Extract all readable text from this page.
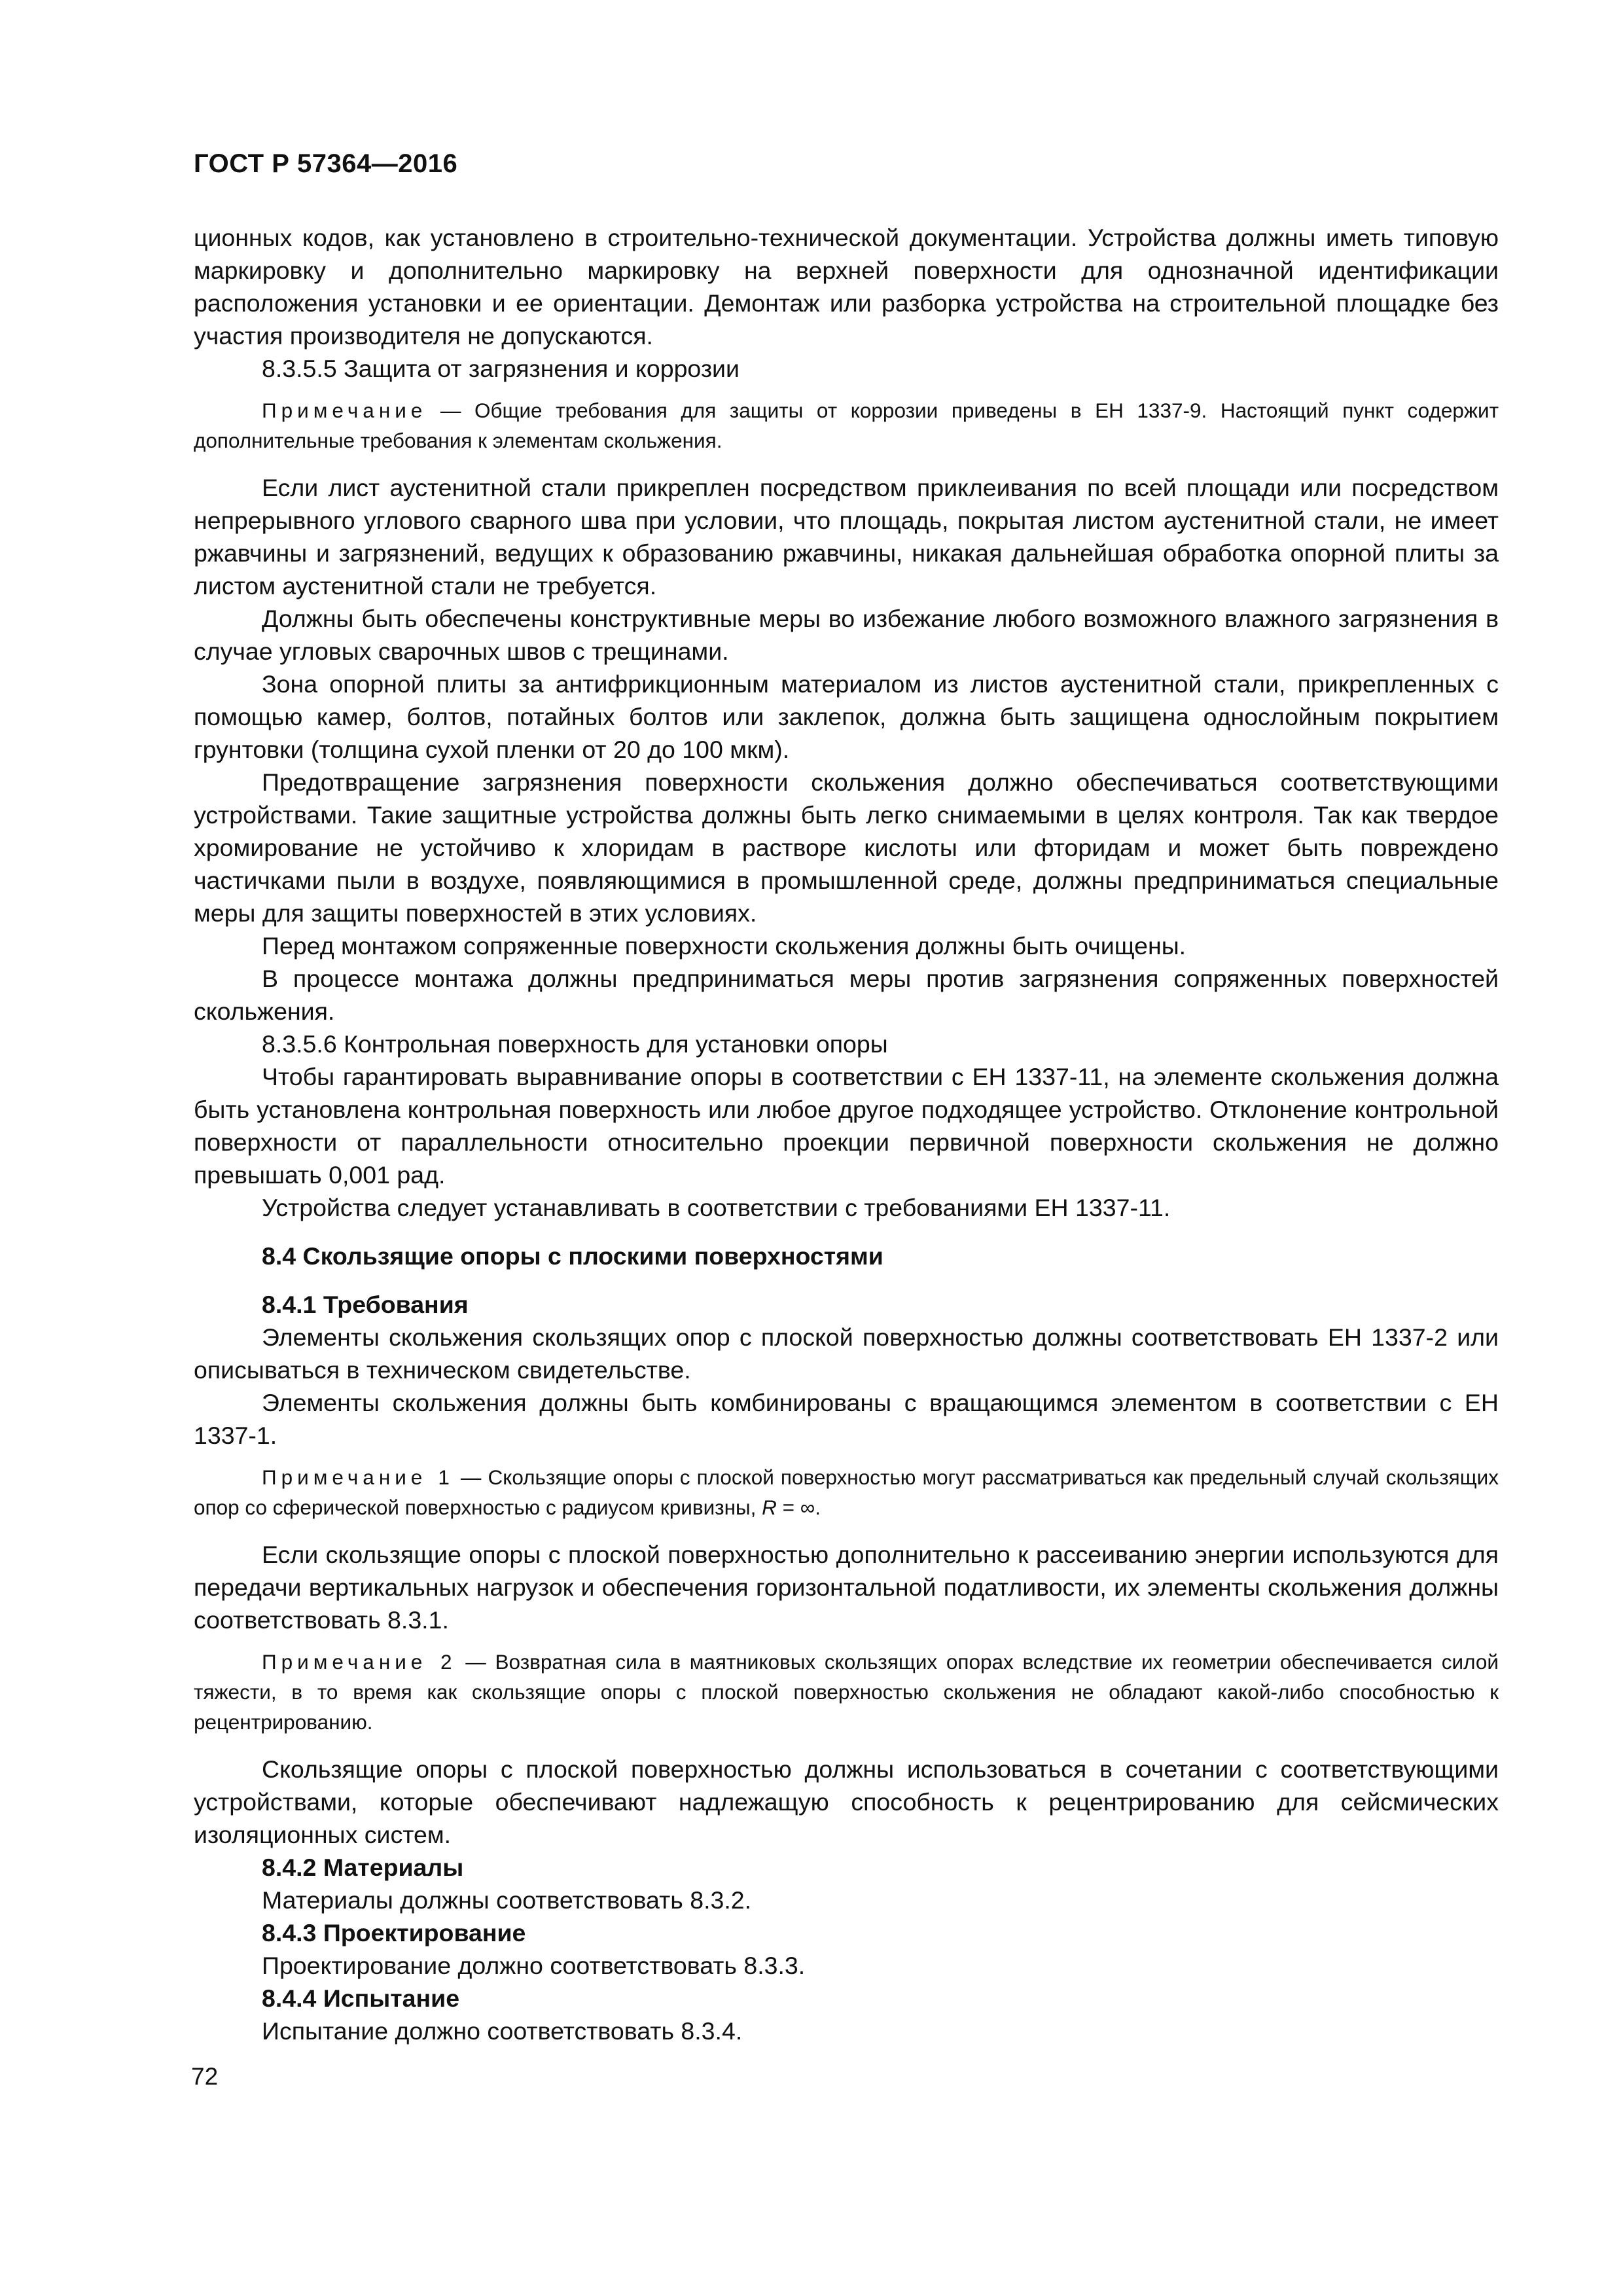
ГОСТ Р 57364—2016

ционных кодов, как установлено в строительно-технической документации. Устройства должны иметь типовую маркировку и дополнительно маркировку на верхней поверхности для однозначной идентификации расположения установки и ее ориентации. Демонтаж или разборка устройства на строительной площадке без участия производителя не допускаются.

8.3.5.5 Защита от загрязнения и коррозии

Примечание — Общие требования для защиты от коррозии приведены в ЕН 1337-9. Настоящий пункт содержит дополнительные требования к элементам скольжения.

Если лист аустенитной стали прикреплен посредством приклеивания по всей площади или посредством непрерывного углового сварного шва при условии, что площадь, покрытая листом аустенитной стали, не имеет ржавчины и загрязнений, ведущих к образованию ржавчины, никакая дальнейшая обработка опорной плиты за листом аустенитной стали не требуется.

Должны быть обеспечены конструктивные меры во избежание любого возможного влажного загрязнения в случае угловых сварочных швов с трещинами.

Зона опорной плиты за антифрикционным материалом из листов аустенитной стали, прикрепленных с помощью камер, болтов, потайных болтов или заклепок, должна быть защищена однослойным покрытием грунтовки (толщина сухой пленки от 20 до 100 мкм).

Предотвращение загрязнения поверхности скольжения должно обеспечиваться соответствующими устройствами. Такие защитные устройства должны быть легко снимаемыми в целях контроля. Так как твердое хромирование не устойчиво к хлоридам в растворе кислоты или фторидам и может быть повреждено частичками пыли в воздухе, появляющимися в промышленной среде, должны предприниматься специальные меры для защиты поверхностей в этих условиях.

Перед монтажом сопряженные поверхности скольжения должны быть очищены.

В процессе монтажа должны предприниматься меры против загрязнения сопряженных поверхностей скольжения.

8.3.5.6 Контрольная поверхность для установки опоры

Чтобы гарантировать выравнивание опоры в соответствии с ЕН 1337-11, на элементе скольжения должна быть установлена контрольная поверхность или любое другое подходящее устройство. Отклонение контрольной поверхности от параллельности относительно проекции первичной поверхности скольжения не должно превышать 0,001 рад.

Устройства следует устанавливать в соответствии с требованиями ЕН 1337-11.

8.4 Скользящие опоры с плоскими поверхностями

8.4.1 Требования

Элементы скольжения скользящих опор с плоской поверхностью должны соответствовать ЕН 1337-2 или описываться в техническом свидетельстве.

Элементы скольжения должны быть комбинированы с вращающимся элементом в соответствии с ЕН 1337-1.

Примечание 1 — Скользящие опоры с плоской поверхностью могут рассматриваться как предельный случай скользящих опор со сферической поверхностью с радиусом кривизны, R = ∞.

Если скользящие опоры с плоской поверхностью дополнительно к рассеиванию энергии используются для передачи вертикальных нагрузок и обеспечения горизонтальной податливости, их элементы скольжения должны соответствовать 8.3.1.

Примечание 2 — Возвратная сила в маятниковых скользящих опорах вследствие их геометрии обеспечивается силой тяжести, в то время как скользящие опоры с плоской поверхностью скольжения не обладают какой-либо способностью к рецентрированию.

Скользящие опоры с плоской поверхностью должны использоваться в сочетании с соответствующими устройствами, которые обеспечивают надлежащую способность к рецентрированию для сейсмических изоляционных систем.

8.4.2 Материалы

Материалы должны соответствовать 8.3.2.

8.4.3 Проектирование

Проектирование должно соответствовать 8.3.3.

8.4.4 Испытание

Испытание должно соответствовать 8.3.4.

72
